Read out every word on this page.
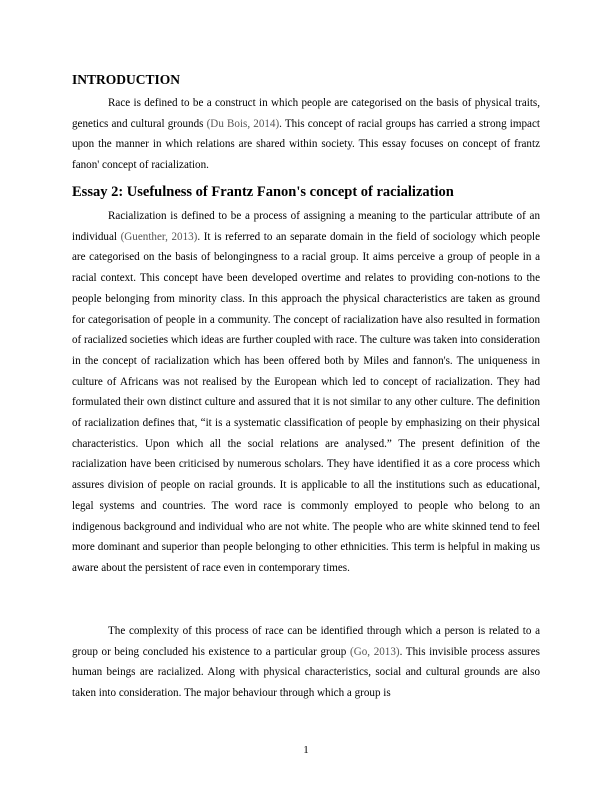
INTRODUCTION

Race is defined to be a construct in which people are categorised on the basis of physical traits, genetics and cultural grounds (Du Bois, 2014). This concept of racial groups has carried a strong impact upon the manner in which relations are shared within society. This essay focuses on concept of frantz fanon' concept of racialization.

Essay 2: Usefulness of Frantz Fanon's concept of racialization

Racialization is defined to be a process of assigning a meaning to the particular attribute of an individual (Guenther, 2013). It is referred to an separate domain in the field of sociology which people are categorised on the basis of belongingness to a racial group. It aims perceive a group of people in a racial context. This concept have been developed overtime and relates to providing con-notions to the people belonging from minority class. In this approach the physical characteristics are taken as ground for categorisation of people in a community. The concept of racialization have also resulted in formation of racialized societies which ideas are further coupled with race. The culture was taken into consideration in the concept of racialization which has been offered both by Miles and fannon's. The uniqueness in culture of Africans was not realised by the European which led to concept of racialization. They had formulated their own distinct culture and assured that it is not similar to any other culture. The definition of racialization defines that, “it is a systematic classification of people by emphasizing on their physical characteristics. Upon which all the social relations are analysed.” The present definition of the racialization have been criticised by numerous scholars. They have identified it as a core process which assures division of people on racial grounds. It is applicable to all the institutions such as educational, legal systems and countries. The word race is commonly employed to people who belong to an indigenous background and individual who are not white. The people who are white skinned tend to feel more dominant and superior than people belonging to other ethnicities. This term is helpful in making us aware about the persistent of race even in contemporary times.

The complexity of this process of race can be identified through which a person is related to a group or being concluded his existence to a particular group (Go, 2013). This invisible process assures human beings are racialized. Along with physical characteristics, social and cultural grounds are also taken into consideration. The major behaviour through which a group is

1
